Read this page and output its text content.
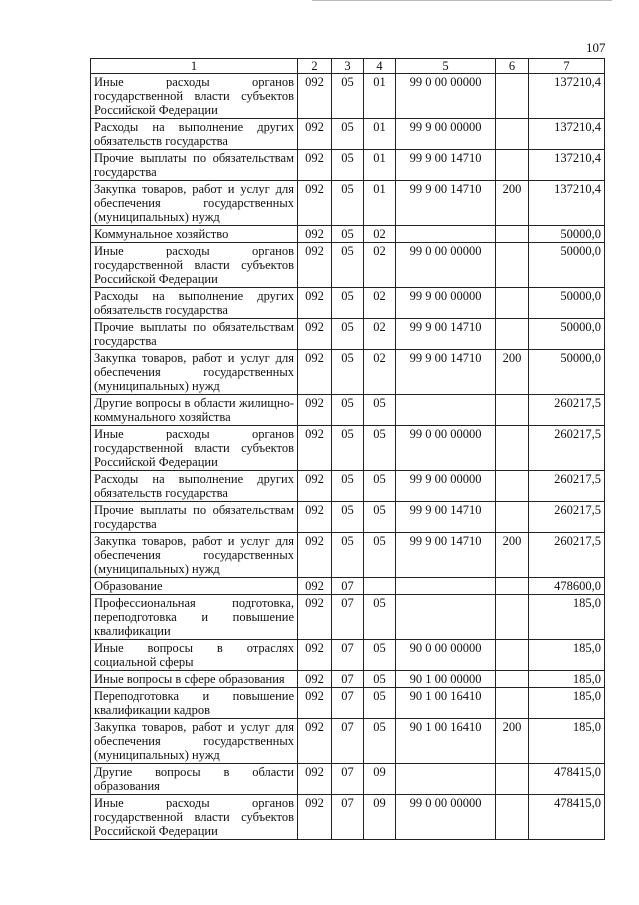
107
1	2	3	4	5	6	7
Иные расходы органов государственной власти субъектов Российской Федерации	092	05	01	99 0 00 00000		137210,4
Расходы на выполнение других обязательств государства	092	05	01	99 9 00 00000		137210,4
Прочие выплаты по обязательствам государства	092	05	01	99 9 00 14710		137210,4
Закупка товаров, работ и услуг для обеспечения государственных (муниципальных) нужд	092	05	01	99 9 00 14710	200	137210,4
Коммунальное хозяйство	092	05	02			50000,0
Иные расходы органов государственной власти субъектов Российской Федерации	092	05	02	99 0 00 00000		50000,0
Расходы на выполнение других обязательств государства	092	05	02	99 9 00 00000		50000,0
Прочие выплаты по обязательствам государства	092	05	02	99 9 00 14710		50000,0
Закупка товаров, работ и услуг для обеспечения государственных (муниципальных) нужд	092	05	02	99 9 00 14710	200	50000,0
Другие вопросы в области жилищно-коммунального хозяйства	092	05	05			260217,5
Иные расходы органов государственной власти субъектов Российской Федерации	092	05	05	99 0 00 00000		260217,5
Расходы на выполнение других обязательств государства	092	05	05	99 9 00 00000		260217,5
Прочие выплаты по обязательствам государства	092	05	05	99 9 00 14710		260217,5
Закупка товаров, работ и услуг для обеспечения государственных (муниципальных) нужд	092	05	05	99 9 00 14710	200	260217,5
Образование	092	07				478600,0
Профессиональная подготовка, переподготовка и повышение квалификации	092	07	05			185,0
Иные вопросы в отраслях социальной сферы	092	07	05	90 0 00 00000		185,0
Иные вопросы в сфере образования	092	07	05	90 1 00 00000		185,0
Переподготовка и повышение квалификации кадров	092	07	05	90 1 00 16410		185,0
Закупка товаров, работ и услуг для обеспечения государственных (муниципальных) нужд	092	07	05	90 1 00 16410	200	185,0
Другие вопросы в области образования	092	07	09			478415,0
Иные расходы органов государственной власти субъектов Российской Федерации	092	07	09	99 0 00 00000		478415,0
